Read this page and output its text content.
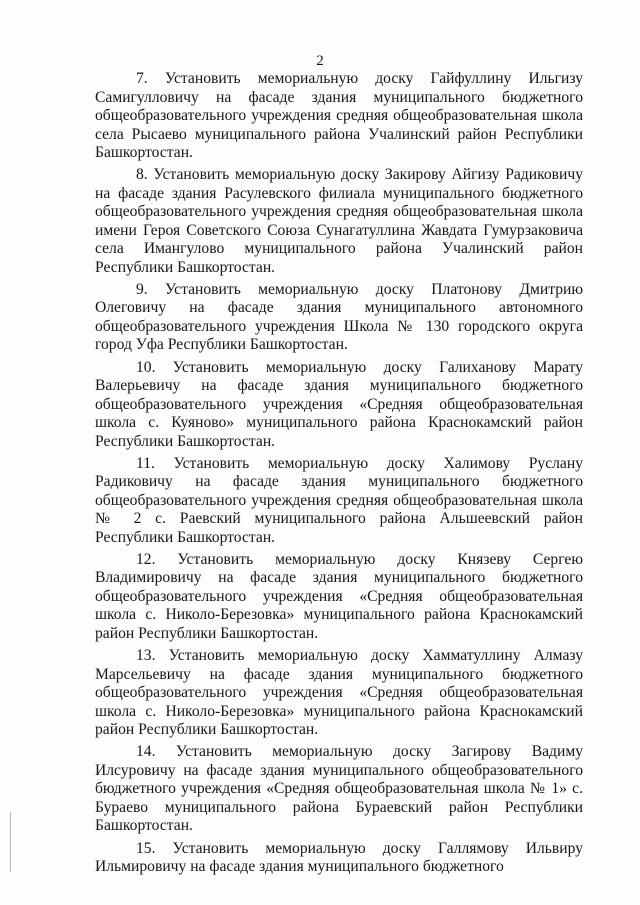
2

7. Установить мемориальную доску Гайфуллину Ильгизу Самигулловичу на фасаде здания муниципального бюджетного общеобразовательного учреждения средняя общеобразовательная школа села Рысаево муниципального района Учалинский район Республики Башкортостан.

8. Установить мемориальную доску Закирову Айгизу Радиковичу на фасаде здания Расулевского филиала муниципального бюджетного общеобразовательного учреждения средняя общеобразовательная школа имени Героя Советского Союза Сунагатуллина Жавдата Гумурзаковича села Имангулово муниципального района Учалинский район Республики Башкортостан.

9. Установить мемориальную доску Платонову Дмитрию Олеговичу на фасаде здания муниципального автономного общеобразовательного учреждения Школа № 130 городского округа город Уфа Республики Башкортостан.

10. Установить мемориальную доску Галиханову Марату Валерьевичу на фасаде здания муниципального бюджетного общеобразовательного учреждения «Средняя общеобразовательная школа с. Куяново» муниципального района Краснокамский район Республики Башкортостан.

11. Установить мемориальную доску Халимову Руслану Радиковичу на фасаде здания муниципального бюджетного общеобразовательного учреждения средняя общеобразовательная школа № 2 с. Раевский муниципального района Альшеевский район Республики Башкортостан.

12. Установить мемориальную доску Князеву Сергею Владимировичу на фасаде здания муниципального бюджетного общеобразовательного учреждения «Средняя общеобразовательная школа с. Николо-Березовка» муниципального района Краснокамский район Республики Башкортостан.

13. Установить мемориальную доску Хамматуллину Алмазу Марсельевичу на фасаде здания муниципального бюджетного общеобразовательного учреждения «Средняя общеобразовательная школа с. Николо-Березовка» муниципального района Краснокамский район Республики Башкортостан.

14. Установить мемориальную доску Загирову Вадиму Илсуровичу на фасаде здания муниципального общеобразовательного бюджетного учреждения «Средняя общеобразовательная школа № 1» с. Бураево муниципального района Бураевский район Республики Башкортостан.

15. Установить мемориальную доску Галлямову Ильвиру Ильмировичу на фасаде здания муниципального бюджетного
